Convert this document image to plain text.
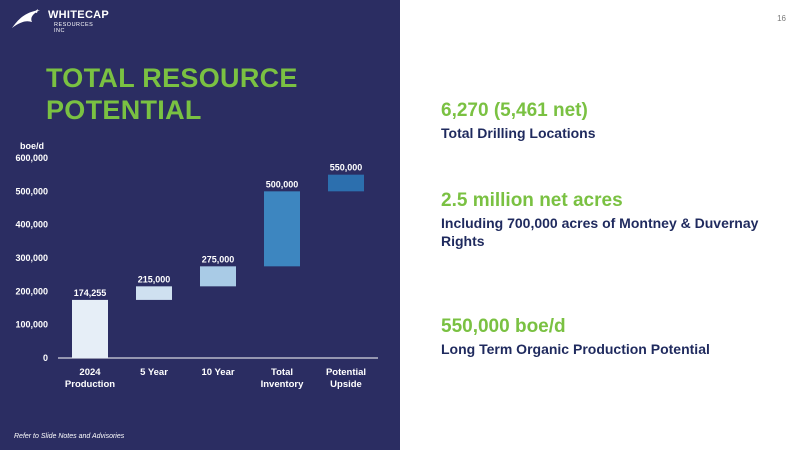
WHITECAP
RESOURCES INC
TOTAL RESOURCE POTENTIAL
boe/d
0
100,000
200,000
300,000
400,000
500,000
600,000
174,255
2024
Production
215,000
5 Year
275,000
10 Year
500,000
Total
Inventory
550,000
Potential
Upside
Refer to Slide Notes and Advisories
16
6,270 (5,461 net)
Total Drilling Locations
2.5 million net acres
Including 700,000 acres of Montney & Duvernay Rights
550,000 boe/d
Long Term Organic Production Potential
